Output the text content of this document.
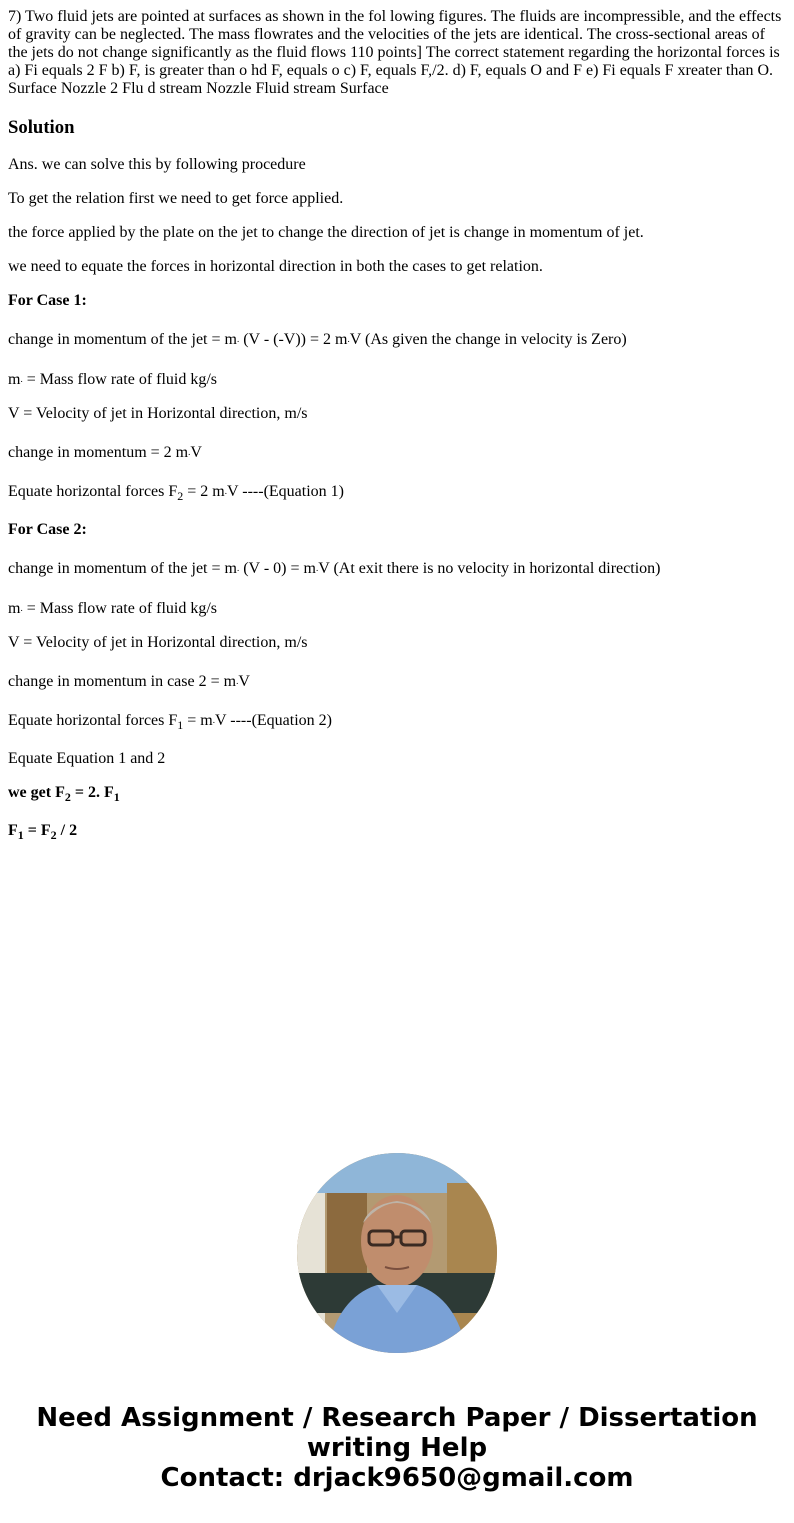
7) Two fluid jets are pointed at surfaces as shown in the fol lowing figures. The fluids are incompressible, and the effects of gravity can be neglected. The mass flowrates and the velocities of the jets are identical. The cross-sectional areas of the jets do not change significantly as the fluid flows 110 points] The correct statement regarding the horizontal forces is a) Fi equals 2 F b) F, is greater than o hd F, equals o c) F, equals F,/2. d) F, equals O and F e) Fi equals F xreater than O. Surface Nozzle 2 Flu d stream Nozzle Fluid stream Surface
Solution

Ans. we can solve this by following procedure

To get the relation first we need to get force applied.

the force applied by the plate on the jet to change the direction of jet is change in momentum of jet.

we need to equate the forces in horizontal direction in both the cases to get relation.

For Case 1:

change in momentum of the jet = m. (V - (-V)) = 2 m.V (As given the change in velocity is Zero)

m. = Mass flow rate of fluid kg/s

V = Velocity of jet in Horizontal direction, m/s

change in momentum = 2 m.V

Equate horizontal forces $F_2 = 2$ m.V ----(Equation 1)

For Case 2:

change in momentum of the jet = m. (V - 0) = m.V (At exit there is no velocity in horizontal direction)

m. = Mass flow rate of fluid kg/s

V = Velocity of jet in Horizontal direction, m/s

change in momentum in case 2 = m.V

Equate horizontal forces $F_1 = m.V$ ----(Equation 2)

Equate Equation 1 and 2

we get $F_2 = 2$. $F_1$

$F_1 = F_2 / 2$

Need Assignment / Research Paper / Dissertation
writing Help
Contact: drjack9650@gmail.com
